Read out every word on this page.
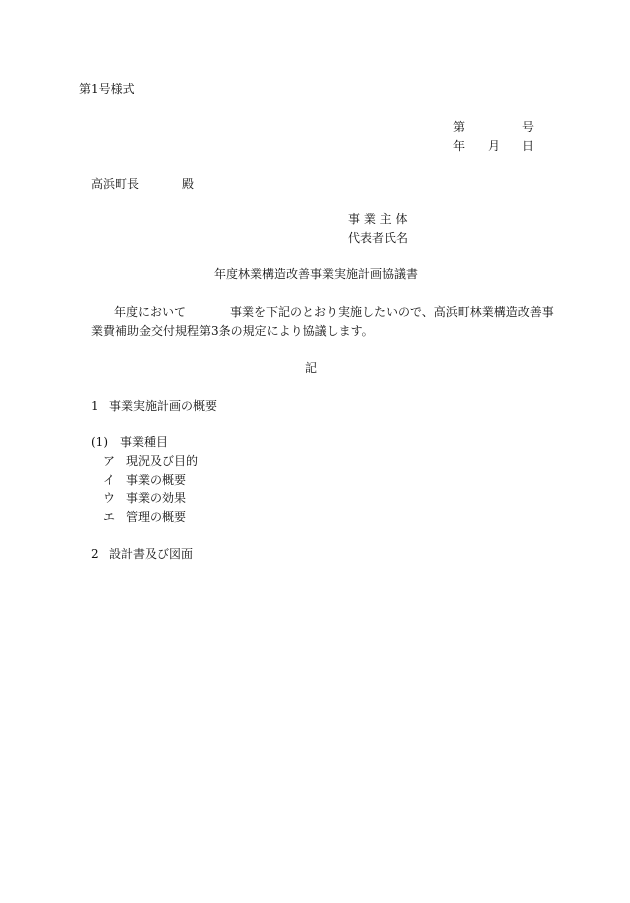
第1号様式
第	号
年 月 日
高浜町長	殿
事 業 主 体
代表者氏名
年度林業構造改善事業実施計画協議書
年度において	事業を下記のとおり実施したいので、高浜町林業構造改善事
業費補助金交付規程第3条の規定により協議します。
記
1 事業実施計画の概要
(1) 事業種目
ア 現況及び目的
イ 事業の概要
ウ 事業の効果
エ 管理の概要
2 設計書及び図面
